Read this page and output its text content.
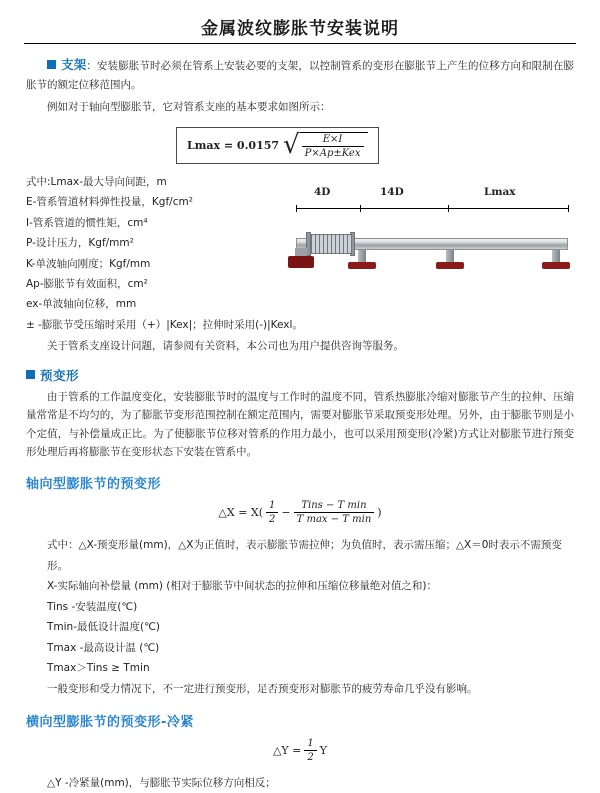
金属波纹膨胀节安装说明

支架：安装膨胀节时必须在管系上安装必要的支架，以控制管系的变形在膨胀节上产生的位移方向和限制在膨胀节的额定位移范围内。

例如对于轴向型膨胀节，它对管系支座的基本要求如图所示：

Lmax = 0.0157 √ $\frac{E\times I}{\text{P×Ap±Kex}}$
式中:Lmax-最大导向间距，m
E-管系管道材料弹性投量，Kgf/cm²
I-管系管道的惯性矩，cm⁴
P-设计压力，Kgf/mm²
K-单波轴向刚度；Kgf/mm
Ap-膨胀节有效面积，cm²
ex-单波轴向位移，mm
± -膨胀节受压缩时采用（+）|Kex|；拉伸时采用(-)|Kexl。
4D	14D	Lmax

关于管系支座设计问题，请参阅有关资料，本公司也为用户提供咨询等服务。

预变形

由于管系的工作温度变化，安装膨胀节时的温度与工作时的温度不同，管系热膨胀冷缩对膨胀节产生的拉伸、压缩量常常是不均匀的，为了膨胀节变形范围控制在额定范围内，需要对膨胀节采取预变形处理。另外，由于膨胀节则是小个定值，与补偿量成正比。为了使膨胀节位移对管系的作用力最小，也可以采用预变形(冷紧)方式让对膨胀节进行预变形处理后再将膨胀节在变形状态下安装在管系中。

轴向型膨胀节的预变形
△X = $X( \frac{1}{2} - \frac{\text{Tins − T min}}{\text{T max − T min}}$ )

式中：△X-预变形量(mm)，△X为正值时，表示膨胀节需拉伸；为负值时，表示需压缩；△X＝0时表示不需预变形。

X-实际轴向补偿量 (mm) (相对于膨胀节中间状态的拉伸和压缩位移量绝对值之和)：

Tins -安装温度(℃)

Tmin-最低设计温度(℃)

Tmax -最高设计温 (℃)

Tmax＞Tins ≥ Tmin

一般变形和受力情况下，不一定进行预变形，足否预变形对膨胀节的疲劳寿命几乎没有影响。

横向型膨胀节的预变形-冷紧
△Y = $\frac{1}{2}$ Y

△Y -冷紧量(mm)，与膨胀节实际位移方向相反；
